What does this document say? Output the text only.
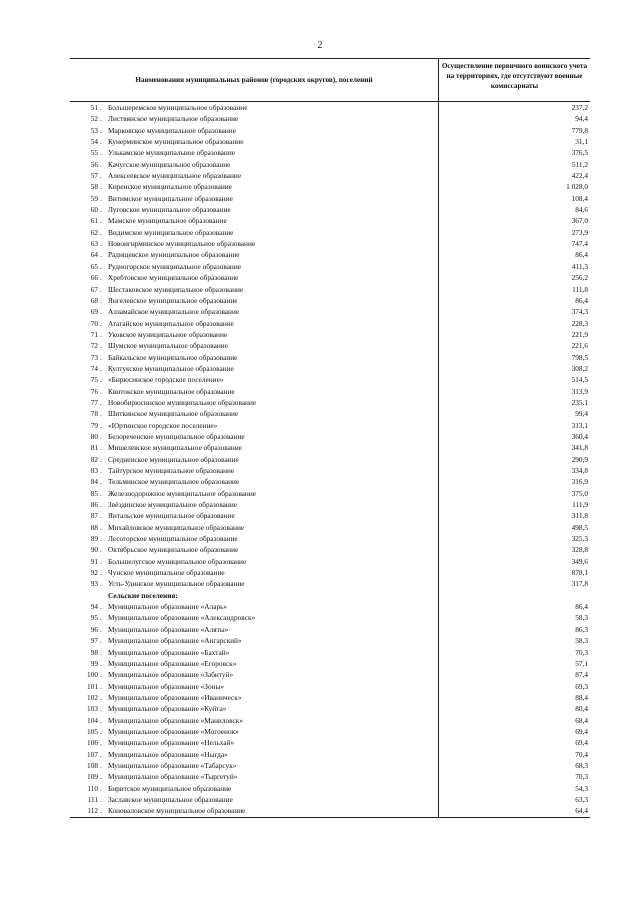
2
Наименования муниципальных районов (городских округов), поселений
Осуществление первичного воинского учета на территориях, где отсутствуют военные комиссариаты
51 . Большеремское муниципальное образование	237,2
52 . Листвянское муниципальное образование	94,4
53 . Марковское муниципальное образование	779,8
54 . Кунерминское муниципальное образование	31,1
55 . Улькамское муниципальное образование	376,5
56 . Качугское муниципальное образование	511,2
57 . Алексеевское муниципальное образование	422,4
58 . Киренское муниципальное образование	1 028,0
59 . Витимское муниципальное образование	108,4
60 . Луговское муниципальное образование	84,6
61 . Мамское муниципальное образование	367,0
62 . Видимское муниципальное образование	273,9
63 . Новоигирминское муниципальное образование	747,4
64 . Радищевское муниципальное образование	86,4
65 . Рудногорское муниципальное образование	411,3
66 . Хребтовское муниципальное образование	256,2
67 . Шестаковское муниципальное образование	111,8
68 . Янгелевское муниципальное образование	86,4
69 . Алзамайское муниципальное образование	374,3
70 . Атагайское муниципальное образование	228,3
71 . Уковское муниципальное образование	221,9
72 . Шумское муниципальное образование	221,6
73 . Байкальское муниципальное образование	798,5
74 . Култукское муниципальное образование	308,2
75 . «Бирюсинское городское поселение»	514,5
76 . Квитокское муниципальное образование	313,9
77 . Новобирюсинское муниципальное образование	235,1
78 . Шиткинское муниципальное образование	99,4
79 . «Юртинское городское поселение»	313,1
80 . Белореченское муниципальное образование	360,4
81 . Мишелевское муниципальное образование	341,8
82 . Средненское муниципальное образование	290,9
83 . Тайтурское муниципальное образование	334,8
84 . Тельминское муниципальное образование	316,9
85 . Железнодорожное муниципальное образование	375,0
86 . Звёздинское муниципальное образование	111,9
87 . Янтальское муниципальное образование	311,8
88 . Михайловское муниципальное образование	498,5
89 . Лесогорское муниципальное образование	325,3
90 . Октябрьское муниципальное образование	328,8
91 . Большелугское муниципальное образование	349,6
92 . Чунское муниципальное образование	878,1
93 . Усть-Удинское муниципальное образование	317,8
Сельские поселения:
94 . Муниципальное образование «Аларь»	86,4
95 . Муниципальное образование «Александровск»	58,3
96 . Муниципальное образование «Аляты»	86,3
97 . Муниципальное образование «Ангарский»	58,3
98 . Муниципальное образование «Бахтай»	70,3
99 . Муниципальное образование «Егоровск»	57,1
100 . Муниципальное образование «Забитуй»	87,4
101 . Муниципальное образование «Зоны»	69,3
102 . Муниципальное образование «Иваническ»	88,4
103 . Муниципальное образование «Куйта»	80,4
104 . Муниципальное образование «Маниловск»	68,4
105 . Муниципальное образование «Могоенок»	69,4
106 . Муниципальное образование «Нельхай»	69,4
107 . Муниципальное образование «Ныгда»	70,4
108 . Муниципальное образование «Табарсук»	68,3
109 . Муниципальное образование «Тыргетуй»	70,3
110 . Биритское муниципальное образование	54,3
111 . Заславское муниципальное образование	63,3
112 . Коноваловское муниципальное образование	64,4
